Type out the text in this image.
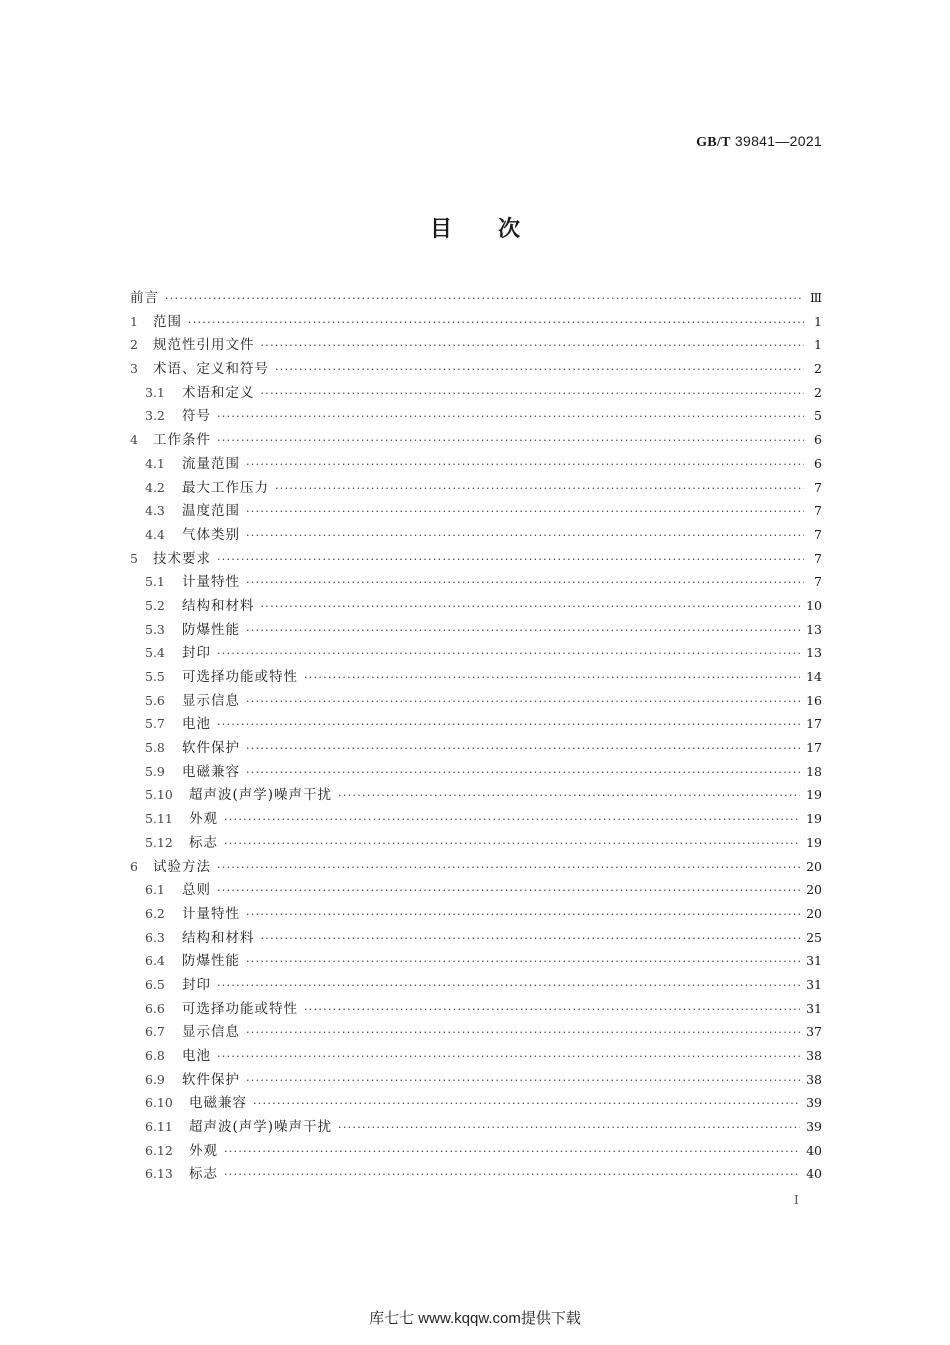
GB/T 39841—2021
目次
前言 ·····	Ⅲ
1	范围 ·····	1
2	规范性引用文件 ·····	1
3	术语、定义和符号 ·····	2
3.1	术语和定义 ·····	2
3.2	符号 ·····	5
4	工作条件 ·····	6
4.1	流量范围 ·····	6
4.2	最大工作压力 ·····	7
4.3	温度范围 ·····	7
4.4	气体类别 ·····	7
5	技术要求 ·····	7
5.1	计量特性 ·····	7
5.2	结构和材料 ·····	10
5.3	防爆性能 ·····	13
5.4	封印 ·····	13
5.5	可选择功能或特性 ·····	14
5.6	显示信息 ·····	16
5.7	电池 ·····	17
5.8	软件保护 ·····	17
5.9	电磁兼容 ·····	18
5.10	超声波(声学)噪声干扰 ·····	19
5.11	外观 ·····	19
5.12	标志 ·····	19
6	试验方法 ·····	20
6.1	总则 ·····	20
6.2	计量特性 ·····	20
6.3	结构和材料 ·····	25
6.4	防爆性能 ·····	31
6.5	封印 ·····	31
6.6	可选择功能或特性 ·····	31
6.7	显示信息 ·····	37
6.8	电池 ·····	38
6.9	软件保护 ·····	38
6.10	电磁兼容 ·····	39
6.11	超声波(声学)噪声干扰 ·····	39
6.12	外观 ·····	40
6.13	标志 ·····	40
I
库七七 www.kqqw.com提供下载
